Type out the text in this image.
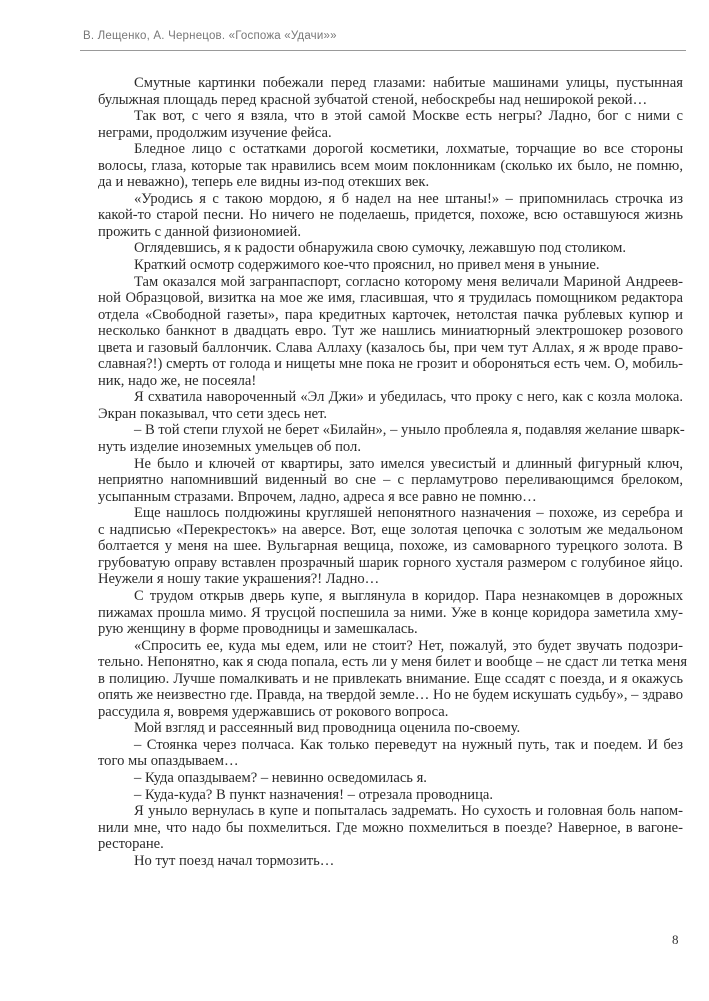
В. Лещенко, А. Чернецов. «Госпожа «Удачи»»
Смутные картинки побежали перед глазами: набитые машинами улицы, пустынная
булыжная площадь перед красной зубчатой стеной, небоскребы над неширокой рекой…
Так вот, с чего я взяла, что в этой самой Москве есть негры? Ладно, бог с ними с
неграми, продолжим изучение фейса.
Бледное лицо с остатками дорогой косметики, лохматые, торчащие во все стороны
волосы, глаза, которые так нравились всем моим поклонникам (сколько их было, не помню,
да и неважно), теперь еле видны из-под отекших век.
«Уродись я с такою мордою, я б надел на нее штаны!» – припомнилась строчка из
какой-то старой песни. Но ничего не поделаешь, придется, похоже, всю оставшуюся жизнь
прожить с данной физиономией.
Оглядевшись, я к радости обнаружила свою сумочку, лежавшую под столиком.
Краткий осмотр содержимого кое-что прояснил, но привел меня в уныние.
Там оказался мой загранпаспорт, согласно которому меня величали Мариной Андреев-
ной Образцовой, визитка на мое же имя, гласившая, что я трудилась помощником редактора
отдела «Свободной газеты», пара кредитных карточек, нетолстая пачка рублевых купюр и
несколько банкнот в двадцать евро. Тут же нашлись миниатюрный электрошокер розового
цвета и газовый баллончик. Слава Аллаху (казалось бы, при чем тут Аллах, я ж вроде право-
славная?!) смерть от голода и нищеты мне пока не грозит и обороняться есть чем. О, мобиль-
ник, надо же, не посеяла!
Я схватила навороченный «Эл Джи» и убедилась, что проку с него, как с козла молока.
Экран показывал, что сети здесь нет.
– В той степи глухой не берет «Билайн», – уныло проблеяла я, подавляя желание шварк-
нуть изделие иноземных умельцев об пол.
Не было и ключей от квартиры, зато имелся увесистый и длинный фигурный ключ,
неприятно напомнивший виденный во сне – с перламутрово переливающимся брелоком,
усыпанным стразами. Впрочем, ладно, адреса я все равно не помню…
Еще нашлось полдюжины кругляшей непонятного назначения – похоже, из серебра и
с надписью «Перекрестокъ» на аверсе. Вот, еще золотая цепочка с золотым же медальоном
болтается у меня на шее. Вульгарная вещица, похоже, из самоварного турецкого золота. В
грубоватую оправу вставлен прозрачный шарик горного хусталя размером с голубиное яйцо.
Неужели я ношу такие украшения?! Ладно…
С трудом открыв дверь купе, я выглянула в коридор. Пара незнакомцев в дорожных
пижамах прошла мимо. Я трусцой поспешила за ними. Уже в конце коридора заметила хму-
рую женщину в форме проводницы и замешкалась.
«Спросить ее, куда мы едем, или не стоит? Нет, пожалуй, это будет звучать подозри-
тельно. Непонятно, как я сюда попала, есть ли у меня билет и вообще – не сдаст ли тетка меня
в полицию. Лучше помалкивать и не привлекать внимание. Еще ссадят с поезда, и я окажусь
опять же неизвестно где. Правда, на твердой земле… Но не будем искушать судьбу», – здраво
рассудила я, вовремя удержавшись от рокового вопроса.
Мой взгляд и рассеянный вид проводница оценила по-своему.
– Стоянка через полчаса. Как только переведут на нужный путь, так и поедем. И без
того мы опаздываем…
– Куда опаздываем? – невинно осведомилась я.
– Куда-куда? В пункт назначения! – отрезала проводница.
Я уныло вернулась в купе и попыталась задремать. Но сухость и головная боль напом-
нили мне, что надо бы похмелиться. Где можно похмелиться в поезде? Наверное, в вагоне-
ресторане.
Но тут поезд начал тормозить…
8
